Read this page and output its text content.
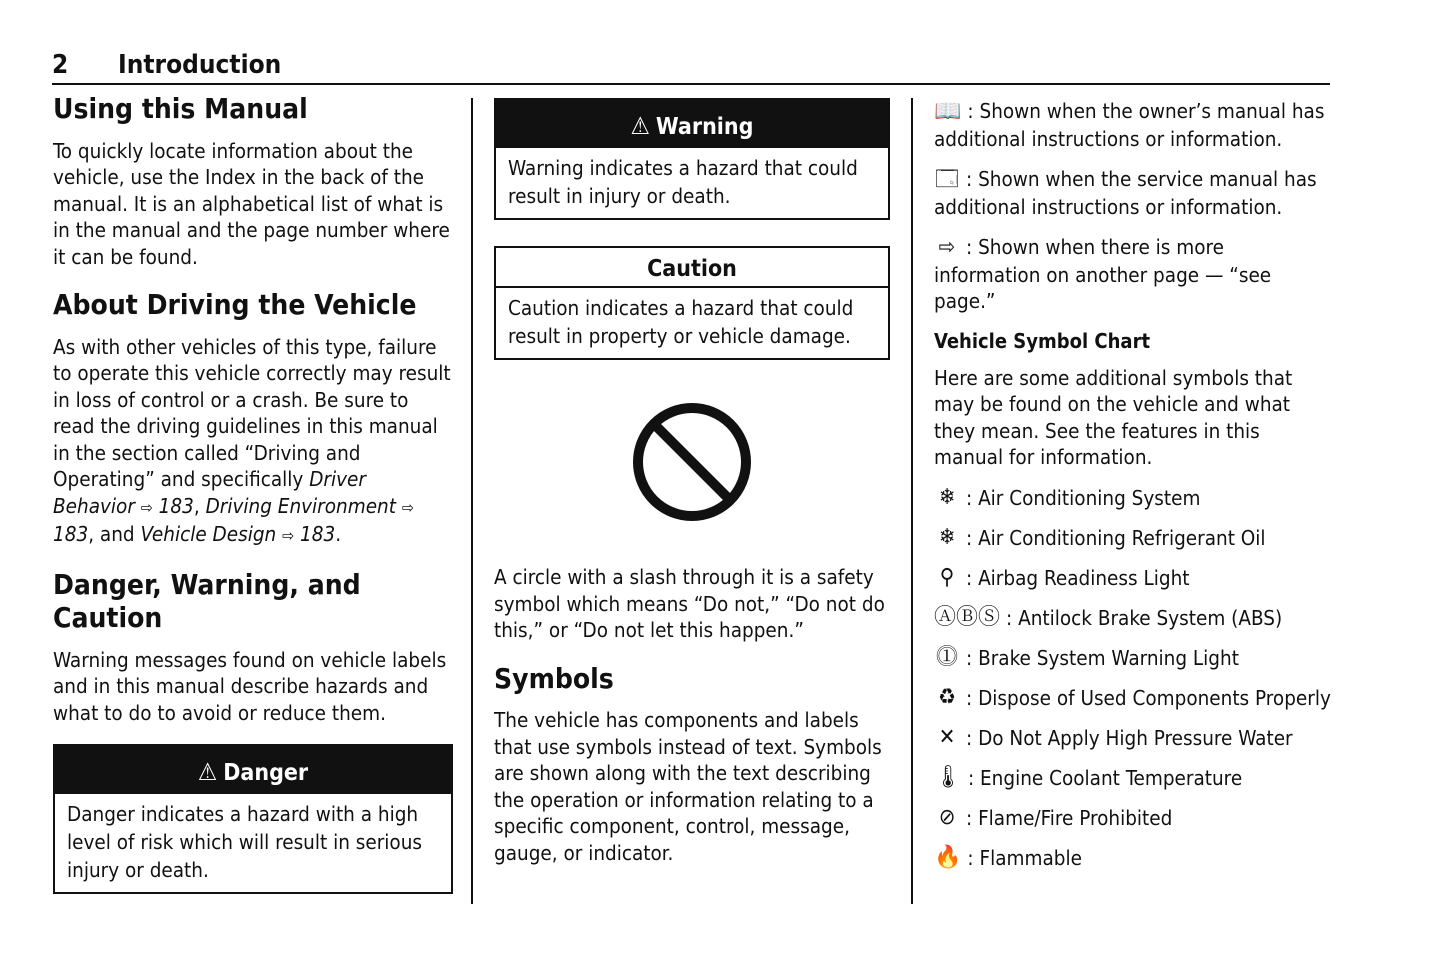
2 Introduction
Using this Manual

To quickly locate information about the vehicle, use the Index in the back of the manual. It is an alphabetical list of what is in the manual and the page number where it can be found.

About Driving the Vehicle

As with other vehicles of this type, failure to operate this vehicle correctly may result in loss of control or a crash. Be sure to read the driving guidelines in this manual in the section called “Driving and Operating” and specifically Driver Behavior ⇨ 183, Driving Environment ⇨ 183, and Vehicle Design ⇨ 183.

Danger, Warning, and Caution

Warning messages found on vehicle labels and in this manual describe hazards and what to do to avoid or reduce them.

⚠ Danger
Danger indicates a hazard with a high level of risk which will result in serious injury or death.
⚠ Warning
Warning indicates a hazard that could result in injury or death.
Caution
Caution indicates a hazard that could result in property or vehicle damage.

A circle with a slash through it is a safety symbol which means “Do not,” “Do not do this,” or “Do not let this happen.”

Symbols

The vehicle has components and labels that use symbols instead of text. Symbols are shown along with the text describing the operation or information relating to a specific component, control, message, gauge, or indicator.

📖 : Shown when the owner’s manual has additional instructions or information.

🗔 : Shown when the service manual has additional instructions or information.

⇨ : Shown when there is more information on another page — “see page.”

Vehicle Symbol Chart

Here are some additional symbols that may be found on the vehicle and what they mean. See the features in this manual for information.

❄ : Air Conditioning System
❄ : Air Conditioning Refrigerant Oil
⚲ : Airbag Readiness Light
ⒶⒷⓈ : Antilock Brake System (ABS)
⓵ : Brake System Warning Light
♻ : Dispose of Used Components Properly
✕ : Do Not Apply High Pressure Water
🌡 : Engine Coolant Temperature
⊘ : Flame/Fire Prohibited
🔥 : Flammable
